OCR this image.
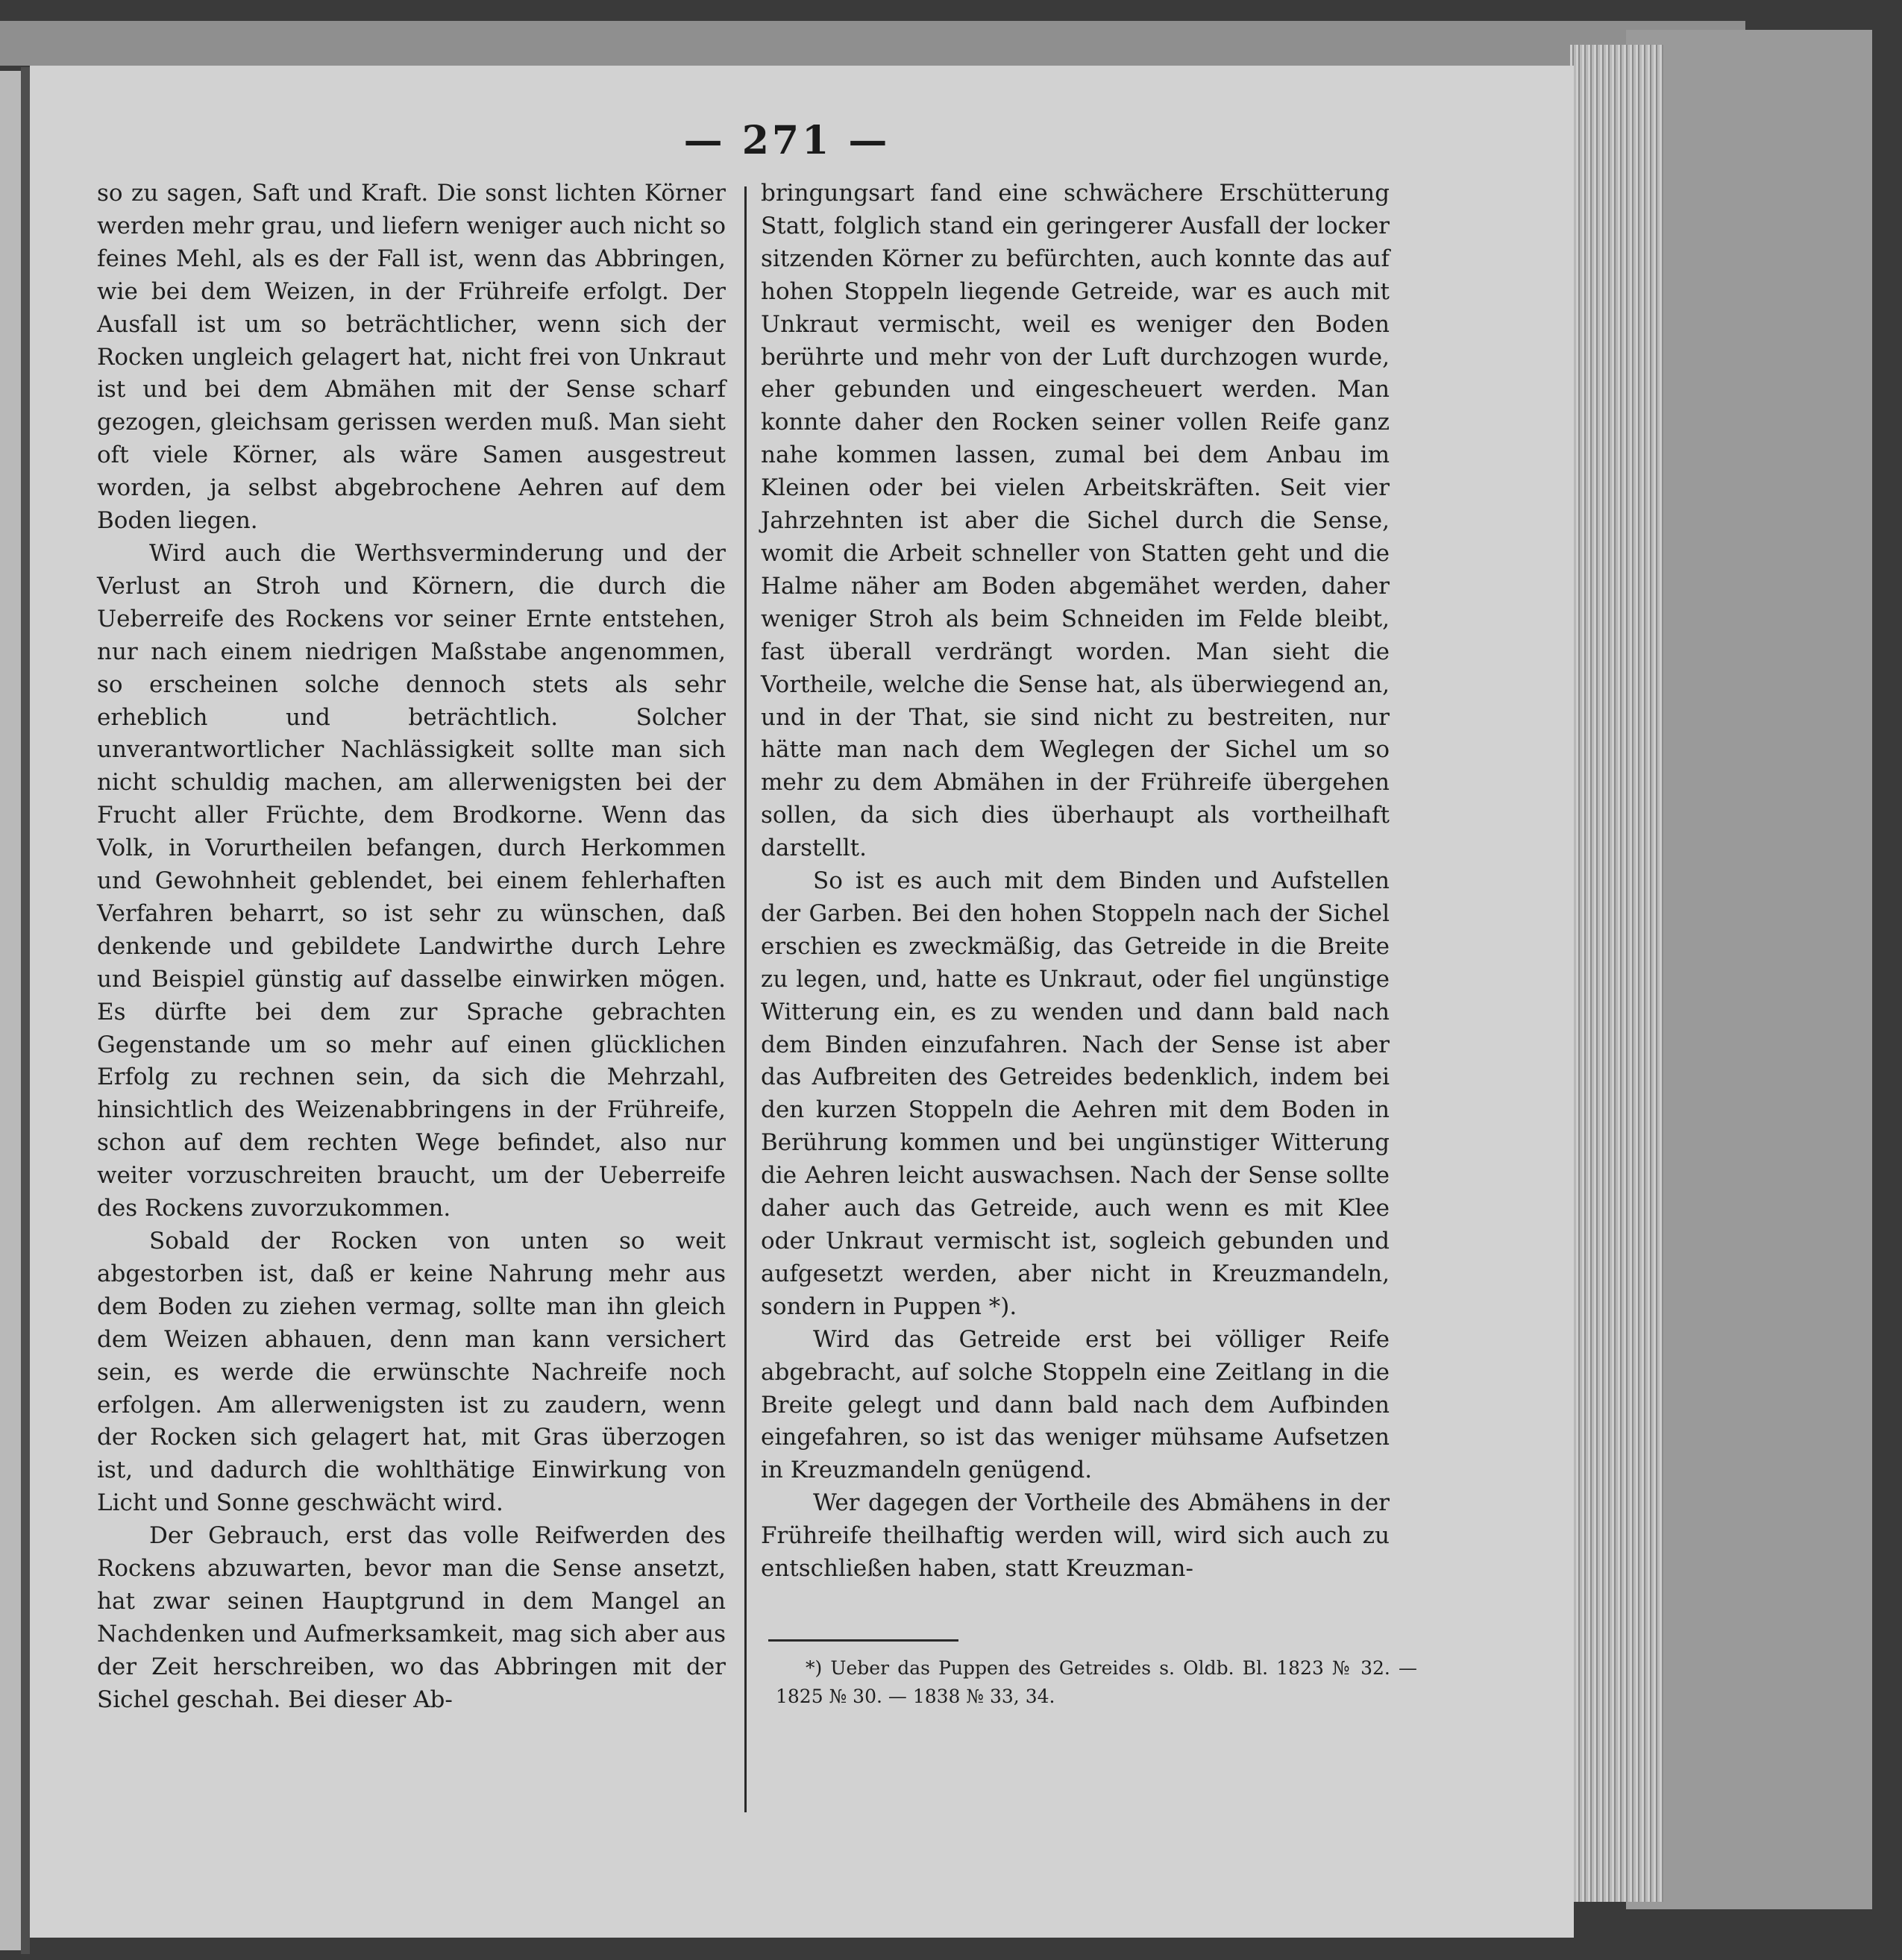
— 271 —

so zu sagen, Saft und Kraft. Die sonst lichten Körner werden mehr grau, und liefern weniger auch nicht so feines Mehl, als es der Fall ist, wenn das Abbringen, wie bei dem Weizen, in der Frühreife erfolgt. Der Ausfall ist um so beträchtlicher, wenn sich der Rocken ungleich gelagert hat, nicht frei von Unkraut ist und bei dem Abmähen mit der Sense scharf gezogen, gleichsam gerissen werden muß. Man sieht oft viele Körner, als wäre Samen ausgestreut worden, ja selbst abgebrochene Aehren auf dem Boden liegen.

Wird auch die Werthsverminderung und der Verlust an Stroh und Körnern, die durch die Ueberreife des Rockens vor seiner Ernte entstehen, nur nach einem niedrigen Maßstabe angenommen, so erscheinen solche dennoch stets als sehr erheblich und beträchtlich. Solcher unverantwortlicher Nachlässigkeit sollte man sich nicht schuldig machen, am allerwenigsten bei der Frucht aller Früchte, dem Brodkorne. Wenn das Volk, in Vorurtheilen befangen, durch Herkommen und Gewohnheit geblendet, bei einem fehlerhaften Verfahren beharrt, so ist sehr zu wünschen, daß denkende und gebildete Landwirthe durch Lehre und Beispiel günstig auf dasselbe einwirken mögen. Es dürfte bei dem zur Sprache gebrachten Gegenstande um so mehr auf einen glücklichen Erfolg zu rechnen sein, da sich die Mehrzahl, hinsichtlich des Weizenabbringens in der Frühreife, schon auf dem rechten Wege befindet, also nur weiter vorzuschreiten braucht, um der Ueberreife des Rockens zuvorzukommen.

Sobald der Rocken von unten so weit abgestorben ist, daß er keine Nahrung mehr aus dem Boden zu ziehen vermag, sollte man ihn gleich dem Weizen abhauen, denn man kann versichert sein, es werde die erwünschte Nachreife noch erfolgen. Am allerwenigsten ist zu zaudern, wenn der Rocken sich gelagert hat, mit Gras überzogen ist, und dadurch die wohlthätige Einwirkung von Licht und Sonne geschwächt wird.

Der Gebrauch, erst das volle Reifwerden des Rockens abzuwarten, bevor man die Sense ansetzt, hat zwar seinen Hauptgrund in dem Mangel an Nachdenken und Aufmerksamkeit, mag sich aber aus der Zeit herschreiben, wo das Abbringen mit der Sichel geschah. Bei dieser Ab-

bringungsart fand eine schwächere Erschütterung Statt, folglich stand ein geringerer Ausfall der locker sitzenden Körner zu befürchten, auch konnte das auf hohen Stoppeln liegende Getreide, war es auch mit Unkraut vermischt, weil es weniger den Boden berührte und mehr von der Luft durchzogen wurde, eher gebunden und eingescheuert werden. Man konnte daher den Rocken seiner vollen Reife ganz nahe kommen lassen, zumal bei dem Anbau im Kleinen oder bei vielen Arbeitskräften. Seit vier Jahrzehnten ist aber die Sichel durch die Sense, womit die Arbeit schneller von Statten geht und die Halme näher am Boden abgemähet werden, daher weniger Stroh als beim Schneiden im Felde bleibt, fast überall verdrängt worden. Man sieht die Vortheile, welche die Sense hat, als überwiegend an, und in der That, sie sind nicht zu bestreiten, nur hätte man nach dem Weglegen der Sichel um so mehr zu dem Abmähen in der Frühreife übergehen sollen, da sich dies überhaupt als vortheilhaft darstellt.

So ist es auch mit dem Binden und Aufstellen der Garben. Bei den hohen Stoppeln nach der Sichel erschien es zweckmäßig, das Getreide in die Breite zu legen, und, hatte es Unkraut, oder fiel ungünstige Witterung ein, es zu wenden und dann bald nach dem Binden einzufahren. Nach der Sense ist aber das Aufbreiten des Getreides bedenklich, indem bei den kurzen Stoppeln die Aehren mit dem Boden in Berührung kommen und bei ungünstiger Witterung die Aehren leicht auswachsen. Nach der Sense sollte daher auch das Getreide, auch wenn es mit Klee oder Unkraut vermischt ist, sogleich gebunden und aufgesetzt werden, aber nicht in Kreuzmandeln, sondern in Puppen *).

Wird das Getreide erst bei völliger Reife abgebracht, auf solche Stoppeln eine Zeitlang in die Breite gelegt und dann bald nach dem Aufbinden eingefahren, so ist das weniger mühsame Aufsetzen in Kreuzmandeln genügend.

Wer dagegen der Vortheile des Abmähens in der Frühreife theilhaftig werden will, wird sich auch zu entschließen haben, statt Kreuzman-

*) Ueber das Puppen des Getreides s. Oldb. Bl. 1823 № 32. — 1825 № 30. — 1838 № 33, 34.
